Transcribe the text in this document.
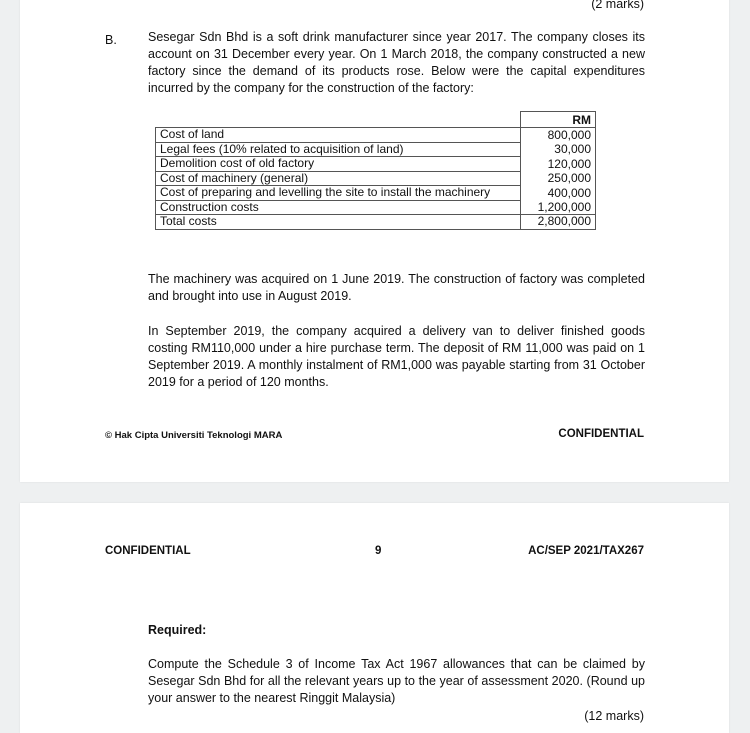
(2 marks)
B. Sesegar Sdn Bhd is a soft drink manufacturer since year 2017. The company closes its account on 31 December every year. On 1 March 2018, the company constructed a new factory since the demand of its products rose. Below were the capital expenditures incurred by the company for the construction of the factory:
	RM
Cost of land	800,000
Legal fees (10% related to acquisition of land)	30,000
Demolition cost of old factory	120,000
Cost of machinery (general)	250,000
Cost of preparing and levelling the site to install the machinery	400,000
Construction costs	1,200,000
Total costs	2,800,000
The machinery was acquired on 1 June 2019. The construction of factory was completed and brought into use in August 2019.
In September 2019, the company acquired a delivery van to deliver finished goods costing RM110,000 under a hire purchase term. The deposit of RM 11,000 was paid on 1 September 2019. A monthly instalment of RM1,000 was payable starting from 31 October 2019 for a period of 120 months.
© Hak Cipta Universiti Teknologi MARA	CONFIDENTIAL
CONFIDENTIAL	9	AC/SEP 2021/TAX267
Required:
Compute the Schedule 3 of Income Tax Act 1967 allowances that can be claimed by Sesegar Sdn Bhd for all the relevant years up to the year of assessment 2020. (Round up your answer to the nearest Ringgit Malaysia)
(12 marks)
